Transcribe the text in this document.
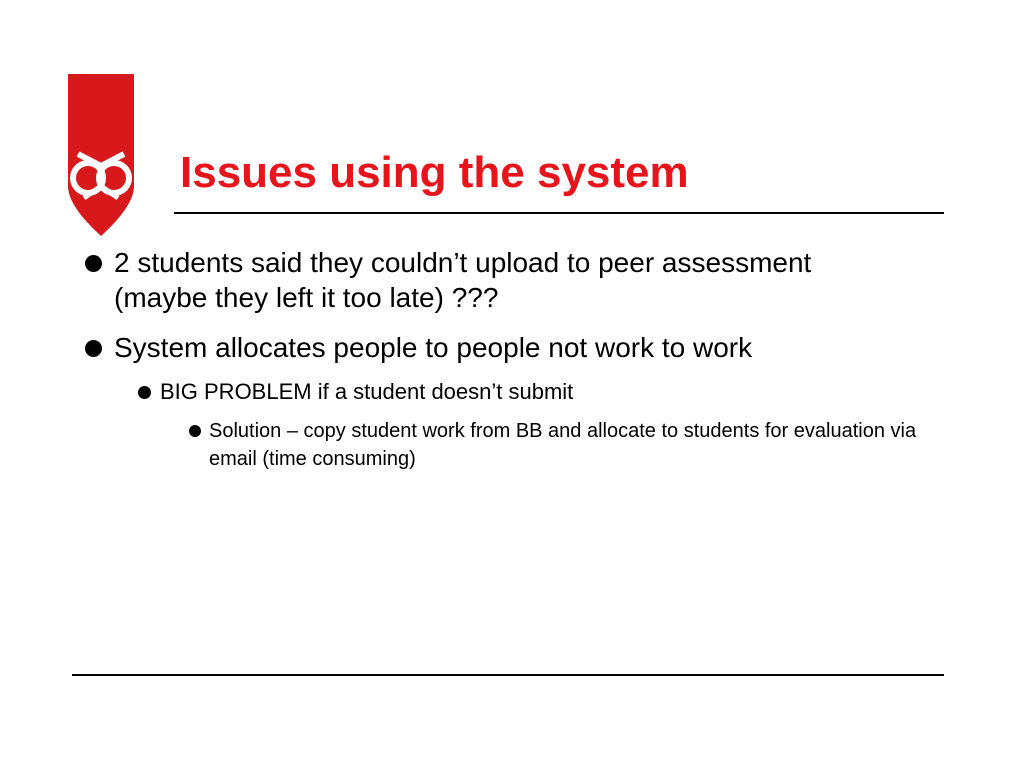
Issues using the system
2 students said they couldn’t upload to peer assessment (maybe they left it too late) ???
System allocates people to people not work to work
BIG PROBLEM if a student doesn’t submit
Solution – copy student work from BB and allocate to students for evaluation via email (time consuming)
